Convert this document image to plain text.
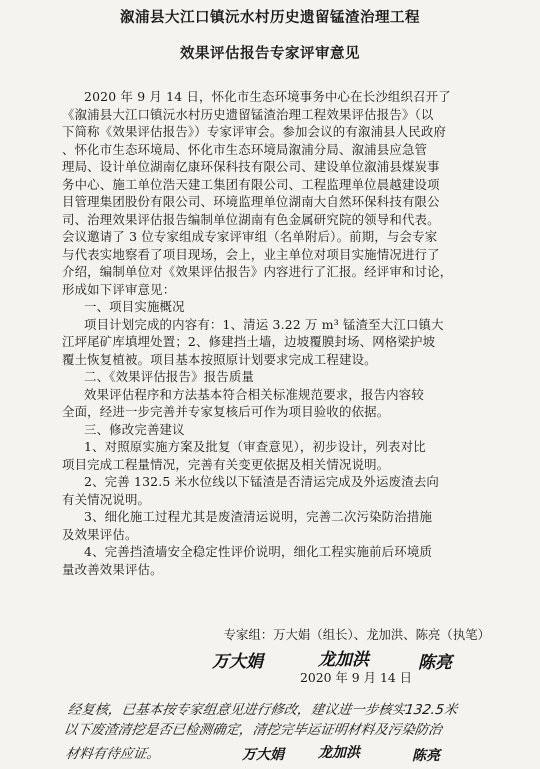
溆浦县大江口镇沅水村历史遗留锰渣治理工程
效果评估报告专家评审意见
2020 年 9 月 14 日，怀化市生态环境事务中心在长沙组织召开了
《溆浦县大江口镇沅水村历史遗留锰渣治理工程效果评估报告》（以
下简称《效果评估报告》）专家评审会。参加会议的有溆浦县人民政府
、怀化市生态环境局、怀化市生态环境局溆浦分局、溆浦县应急管
理局、设计单位湖南亿康环保科技有限公司、建设单位溆浦县煤炭事
务中心、施工单位浩天建工集团有限公司、工程监理单位晨越建设项
目管理集团股份有限公司、环境监理单位湖南大自然环保科技有限公
司、治理效果评估报告编制单位湖南有色金属研究院的领导和代表。
会议邀请了 3 位专家组成专家评审组（名单附后）。前期，与会专家
与代表实地察看了项目现场，会上，业主单位对项目实施情况进行了
介绍，编制单位对《效果评估报告》内容进行了汇报。经评审和讨论，
形成如下评审意见：
一、项目实施概况
项目计划完成的内容有：1、清运 3.22 万 m³ 锰渣至大江口镇大
江坪尾矿库填埋处置；2、修建挡土墙，边坡覆膜封场、网格梁护坡
覆土恢复植被。项目基本按照原计划要求完成工程建设。
二、《效果评估报告》报告质量
效果评估程序和方法基本符合相关标准规范要求，报告内容较
全面，经进一步完善并专家复核后可作为项目验收的依据。
三、修改完善建议
1、对照原实施方案及批复（审查意见），初步设计，列表对比
项目完成工程量情况，完善有关变更依据及相关情况说明。
2、完善 132.5 米水位线以下锰渣是否清运完成及外运废渣去向
有关情况说明。
3、细化施工过程尤其是废渣清运说明，完善二次污染防治措施
及效果评估。
4、完善挡渣墙安全稳定性评价说明，细化工程实施前后环境质
量改善效果评估。
专家组：万大娟（组长）、龙加洪、陈亮（执笔）
万大娟	龙加洪	陈亮
2020 年 9 月 14 日
经复核，已基本按专家组意见进行修改，建议进一步核实132.5米
以下废渣清挖是否已检测确定，清挖完毕运证明材料及污染防治
材料有待应证。	万大娟 龙加洪	陈亮
